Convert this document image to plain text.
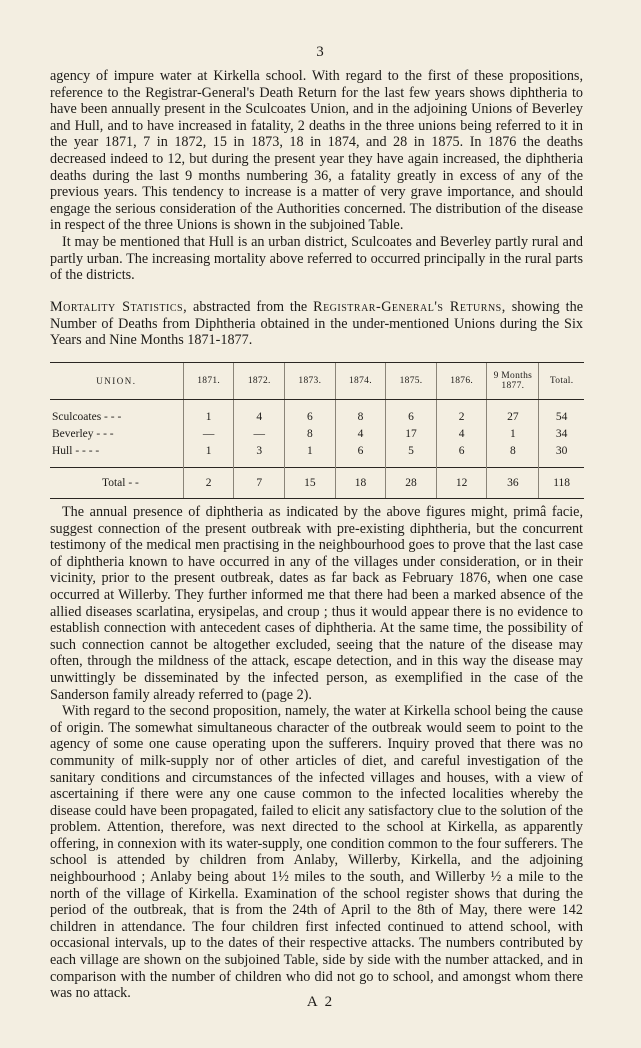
3

agency of impure water at Kirkella school. With regard to the first of these propositions, reference to the Registrar-General's Death Return for the last few years shows diphtheria to have been annually present in the Sculcoates Union, and in the adjoining Unions of Beverley and Hull, and to have increased in fatality, 2 deaths in the three unions being referred to it in the year 1871, 7 in 1872, 15 in 1873, 18 in 1874, and 28 in 1875. In 1876 the deaths decreased indeed to 12, but during the present year they have again increased, the diphtheria deaths during the last 9 months numbering 36, a fatality greatly in excess of any of the previous years. This tendency to increase is a matter of very grave importance, and should engage the serious consideration of the Authorities concerned. The distribution of the disease in respect of the three Unions is shown in the subjoined Table.

It may be mentioned that Hull is an urban district, Sculcoates and Beverley partly rural and partly urban. The increasing mortality above referred to occurred principally in the rural parts of the districts.

Mortality Statistics, abstracted from the Registrar-General's Returns, showing the Number of Deaths from Diphtheria obtained in the under-mentioned Unions during the Six Years and Nine Months 1871-1877.

UNION.	1871.	1872.	1873.	1874.	1875.	1876.	9 Months 1877.	Total.

Sculcoates - - -	1	4	6	8	6	2	27	54
Beverley - - -	—	—	8	4	17	4	1	34
Hull - - - -	1	3	1	6	5	6	8	30

Total - -	2	7	15	18	28	12	36	118

The annual presence of diphtheria as indicated by the above figures might, primâ facie, suggest connection of the present outbreak with pre-existing diphtheria, but the concurrent testimony of the medical men practising in the neighbourhood goes to prove that the last case of diphtheria known to have occurred in any of the villages under consideration, or in their vicinity, prior to the present outbreak, dates as far back as February 1876, when one case occurred at Willerby. They further informed me that there had been a marked absence of the allied diseases scarlatina, erysipelas, and croup ; thus it would appear there is no evidence to establish connection with antecedent cases of diphtheria. At the same time, the possibility of such connection cannot be altogether excluded, seeing that the nature of the disease may often, through the mildness of the attack, escape detection, and in this way the disease may unwittingly be disseminated by the infected person, as exemplified in the case of the Sanderson family already referred to (page 2).

With regard to the second proposition, namely, the water at Kirkella school being the cause of origin. The somewhat simultaneous character of the outbreak would seem to point to the agency of some one cause operating upon the sufferers. Inquiry proved that there was no community of milk-supply nor of other articles of diet, and careful investigation of the sanitary conditions and circumstances of the infected villages and houses, with a view of ascertaining if there were any one cause common to the infected localities whereby the disease could have been propagated, failed to elicit any satisfactory clue to the solution of the problem. Attention, therefore, was next directed to the school at Kirkella, as apparently offering, in connexion with its water-supply, one condition common to the four sufferers. The school is attended by children from Anlaby, Willerby, Kirkella, and the adjoining neighbourhood ; Anlaby being about 1½ miles to the south, and Willerby ½ a mile to the north of the village of Kirkella. Examination of the school register shows that during the period of the outbreak, that is from the 24th of April to the 8th of May, there were 142 children in attendance. The four children first infected continued to attend school, with occasional intervals, up to the dates of their respective attacks. The numbers contributed by each village are shown on the subjoined Table, side by side with the number attacked, and in comparison with the number of children who did not go to school, and amongst whom there was no attack.

A 2
